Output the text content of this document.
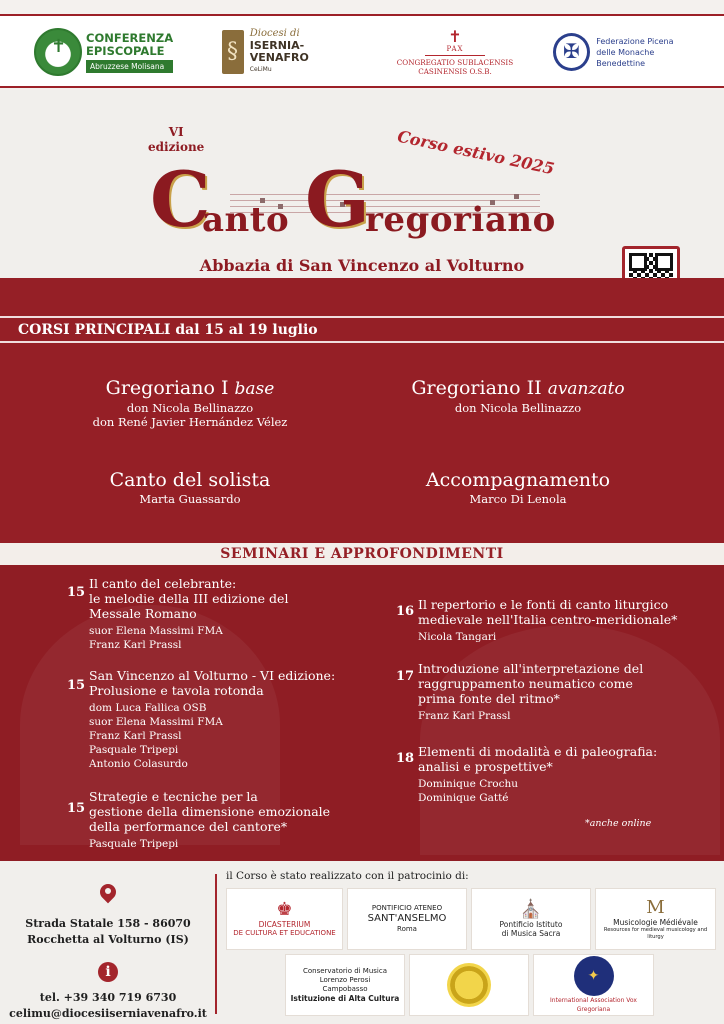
✝
CONFERENZA
EPISCOPALE
Abruzzese Molisana
§
Diocesi di
ISERNIA-VENAFRO
CeLiMu
✝
PAX
CONGREGATIO SUBLACENSIS
CASINENSIS O.S.B.
✠
Federazione Picena
delle Monache Benedettine
VI
edizione	Corso estivo 2025
C
anto G
regoriano
Abbazia di San Vincenzo al Volturno
CORSI PRINCIPALI dal 15 al 19 luglio
Gregoriano I base
don Nicola Bellinazzo
don René Javier Hernández Vélez
Gregoriano II avanzato
don Nicola Bellinazzo
Canto del solista
Marta Guassardo
Accompagnamento
Marco Di Lenola
SEMINARI E APPROFONDIMENTI
15
Il canto del celebrante:
le melodie della III edizione del
Messale Romano
suor Elena Massimi FMA
Franz Karl Prassl
15
San Vincenzo al Volturno - VI edizione:
Prolusione e tavola rotonda
dom Luca Fallica OSB
suor Elena Massimi FMA
Franz Karl Prassl
Pasquale Tripepi
Antonio Colasurdo
15
Strategie e tecniche per la
gestione della dimensione emozionale
della performance del cantore*
Pasquale Tripepi
16 Il repertorio e le fonti di canto liturgico
medievale nell'Italia centro-meridionale*
Nicola Tangari
17
Introduzione all'interpretazione del
raggruppamento neumatico come
prima fonte del ritmo*
Franz Karl Prassl
18 Elementi di modalità e di paleografia:
analisi e prospettive*
Dominique Crochu
Dominique Gatté
*anche online
Strada Statale 158 - 86070
Rocchetta al Volturno (IS)
i
tel. +39 340 719 6730
celimu@diocesiiserniavenafro.it
il Corso è stato realizzato con il patrocinio di:
♚
DICASTERIUM
DE CULTURA ET EDUCATIONE
PONTIFICIO ATENEO
SANT'ANSELMO
Roma
⛪
Pontificio Istituto
di Musica Sacra
M
Musicologie Médiévale
Resources for medieval musicology and liturgy
Conservatorio di Musica
Lorenzo Perosi
Campobasso
Istituzione di Alta Cultura
✦
International Association Vox Gregoriana
